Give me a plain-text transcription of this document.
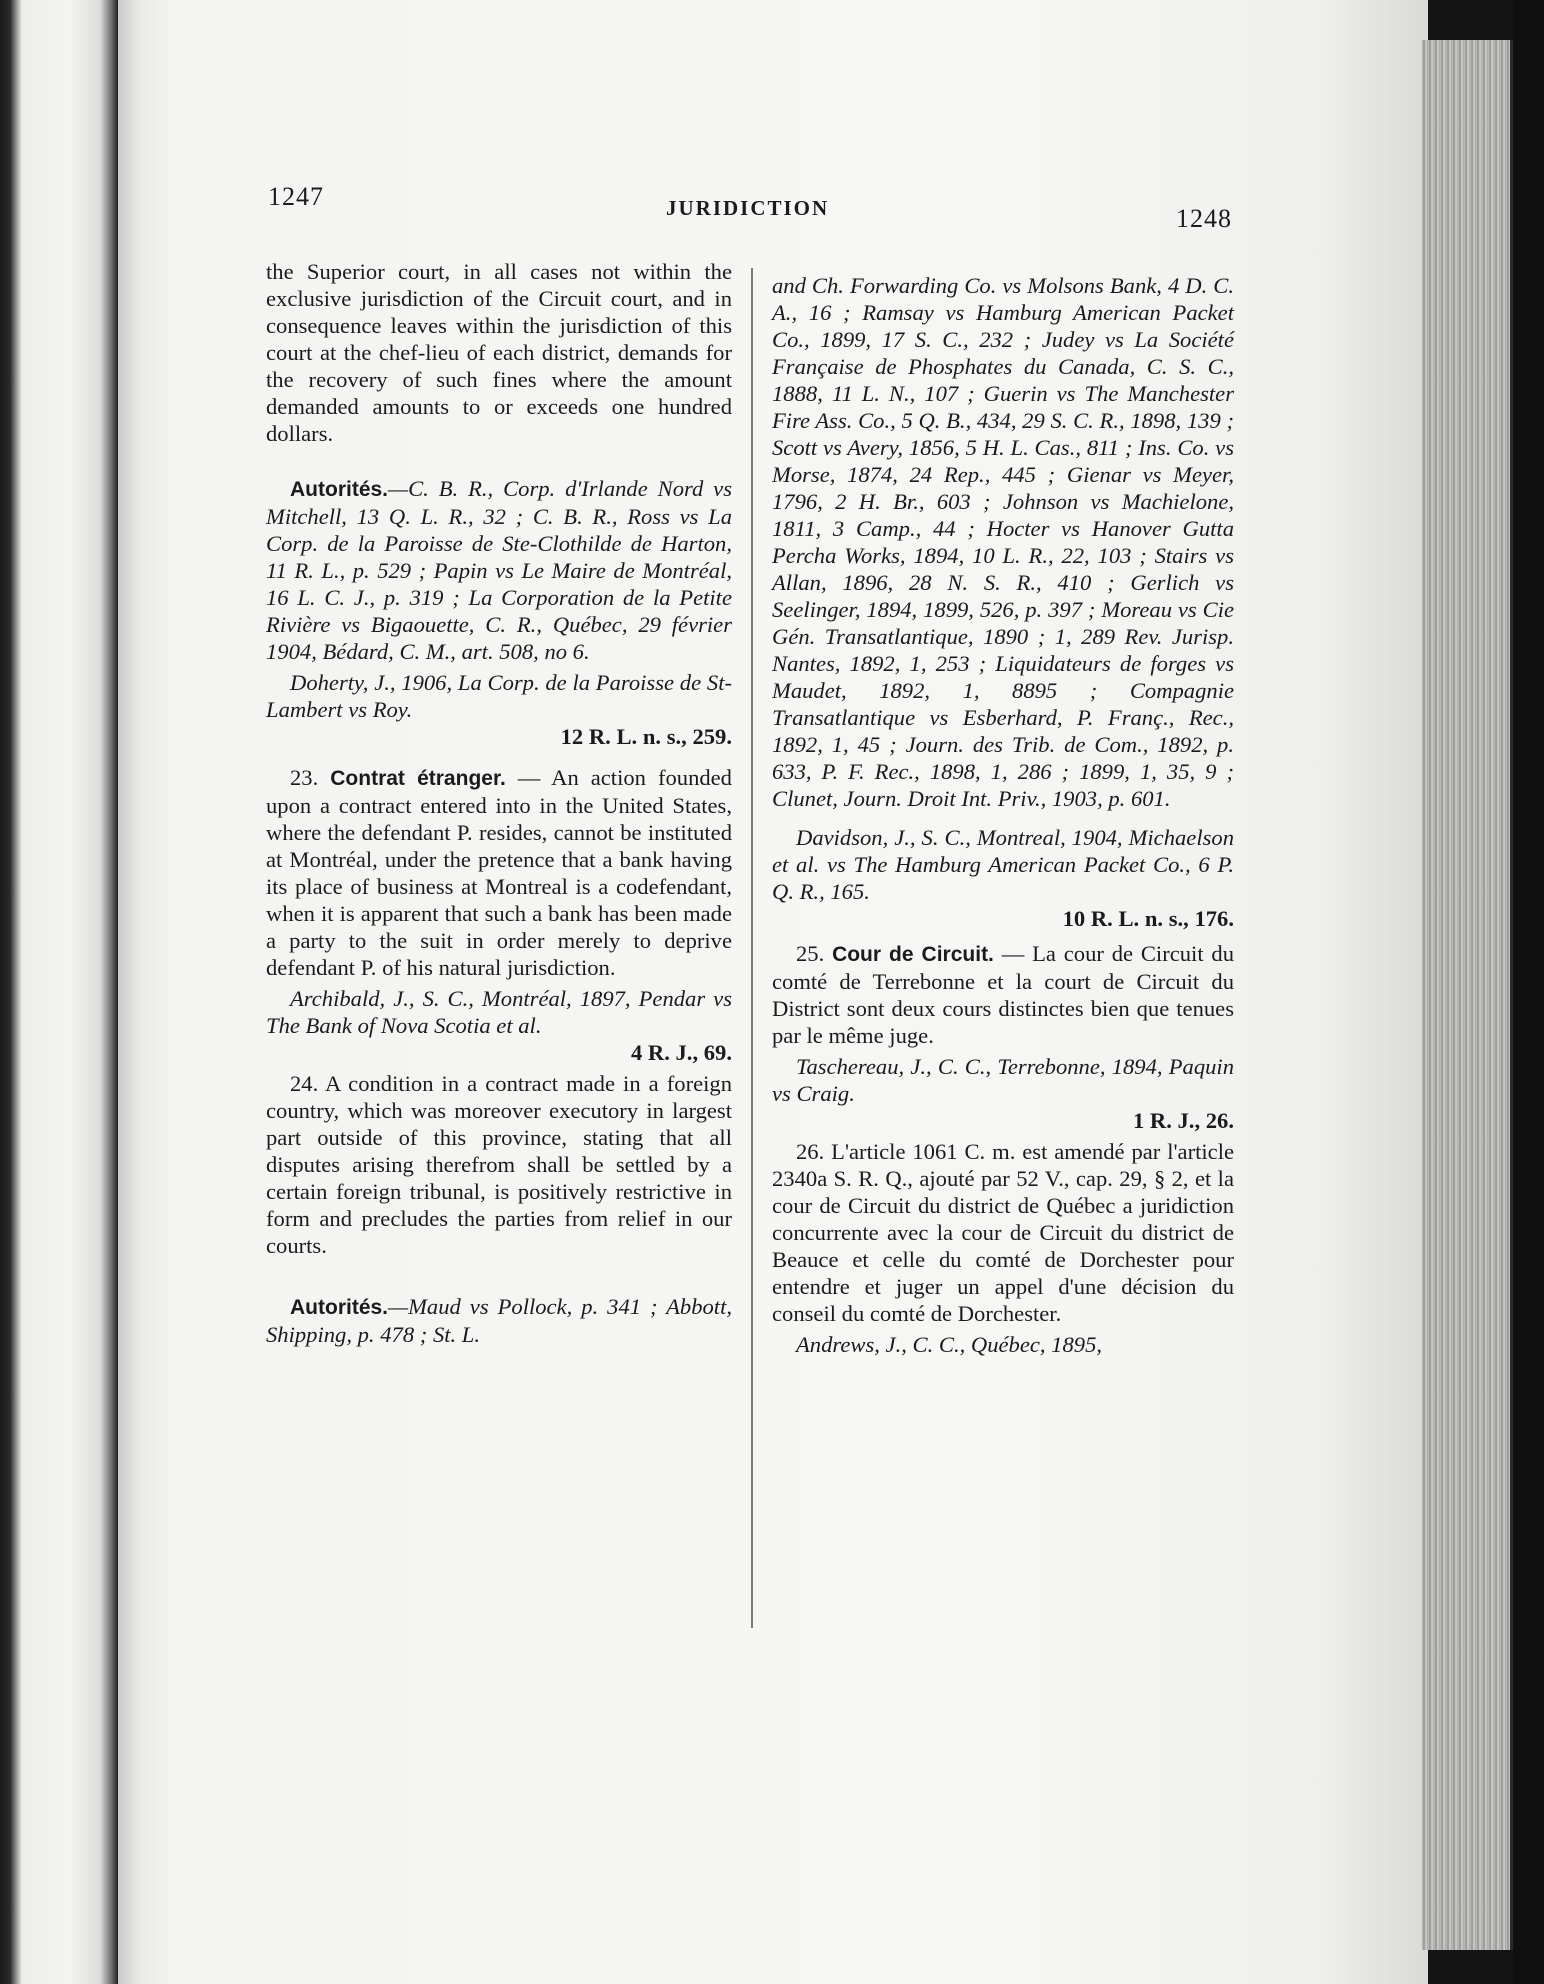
1247	JURIDICTION	1248

the Superior court, in all cases not within the exclusive jurisdiction of the Circuit court, and in consequence leaves within the jurisdiction of this court at the chef-lieu of each district, demands for the recovery of such fines where the amount demanded amounts to or exceeds one hundred dollars.

Autorités.—C. B. R., Corp. d'Irlande Nord vs Mitchell, 13 Q. L. R., 32 ; C. B. R., Ross vs La Corp. de la Paroisse de Ste-Clothilde de Harton, 11 R. L., p. 529 ; Papin vs Le Maire de Montréal, 16 L. C. J., p. 319 ; La Corporation de la Petite Rivière vs Bigaouette, C. R., Québec, 29 février 1904, Bédard, C. M., art. 508, no 6.

Doherty, J., 1906, La Corp. de la Paroisse de St-Lambert vs Roy.

12 R. L. n. s., 259.

23. Contrat étranger. — An action founded upon a contract entered into in the United States, where the defendant P. resides, cannot be instituted at Montréal, under the pretence that a bank having its place of business at Montreal is a codefendant, when it is apparent that such a bank has been made a party to the suit in order merely to deprive defendant P. of his natural jurisdiction.

Archibald, J., S. C., Montréal, 1897, Pendar vs The Bank of Nova Scotia et al.

4 R. J., 69.

24. A condition in a contract made in a foreign country, which was moreover executory in largest part outside of this province, stating that all disputes arising therefrom shall be settled by a certain foreign tribunal, is positively restrictive in form and precludes the parties from relief in our courts.

Autorités.—Maud vs Pollock, p. 341 ; Abbott, Shipping, p. 478 ; St. L.

and Ch. Forwarding Co. vs Molsons Bank, 4 D. C. A., 16 ; Ramsay vs Hamburg American Packet Co., 1899, 17 S. C., 232 ; Judey vs La Société Française de Phosphates du Canada, C. S. C., 1888, 11 L. N., 107 ; Guerin vs The Manchester Fire Ass. Co., 5 Q. B., 434, 29 S. C. R., 1898, 139 ; Scott vs Avery, 1856, 5 H. L. Cas., 811 ; Ins. Co. vs Morse, 1874, 24 Rep., 445 ; Gienar vs Meyer, 1796, 2 H. Br., 603 ; Johnson vs Machielone, 1811, 3 Camp., 44 ; Hocter vs Hanover Gutta Percha Works, 1894, 10 L. R., 22, 103 ; Stairs vs Allan, 1896, 28 N. S. R., 410 ; Gerlich vs Seelinger, 1894, 1899, 526, p. 397 ; Moreau vs Cie Gén. Transatlantique, 1890 ; 1, 289 Rev. Jurisp. Nantes, 1892, 1, 253 ; Liquidateurs de forges vs Maudet, 1892, 1, 8895 ; Compagnie Transatlantique vs Esberhard, P. Franç., Rec., 1892, 1, 45 ; Journ. des Trib. de Com., 1892, p. 633, P. F. Rec., 1898, 1, 286 ; 1899, 1, 35, 9 ; Clunet, Journ. Droit Int. Priv., 1903, p. 601.

Davidson, J., S. C., Montreal, 1904, Michaelson et al. vs The Hamburg American Packet Co., 6 P. Q. R., 165.

10 R. L. n. s., 176.

25. Cour de Circuit. — La cour de Circuit du comté de Terrebonne et la court de Circuit du District sont deux cours distinctes bien que tenues par le même juge.

Taschereau, J., C. C., Terrebonne, 1894, Paquin vs Craig.

1 R. J., 26.

26. L'article 1061 C. m. est amendé par l'article 2340a S. R. Q., ajouté par 52 V., cap. 29, § 2, et la cour de Circuit du district de Québec a juridiction concurrente avec la cour de Circuit du district de Beauce et celle du comté de Dorchester pour entendre et juger un appel d'une décision du conseil du comté de Dorchester.

Andrews, J., C. C., Québec, 1895,
